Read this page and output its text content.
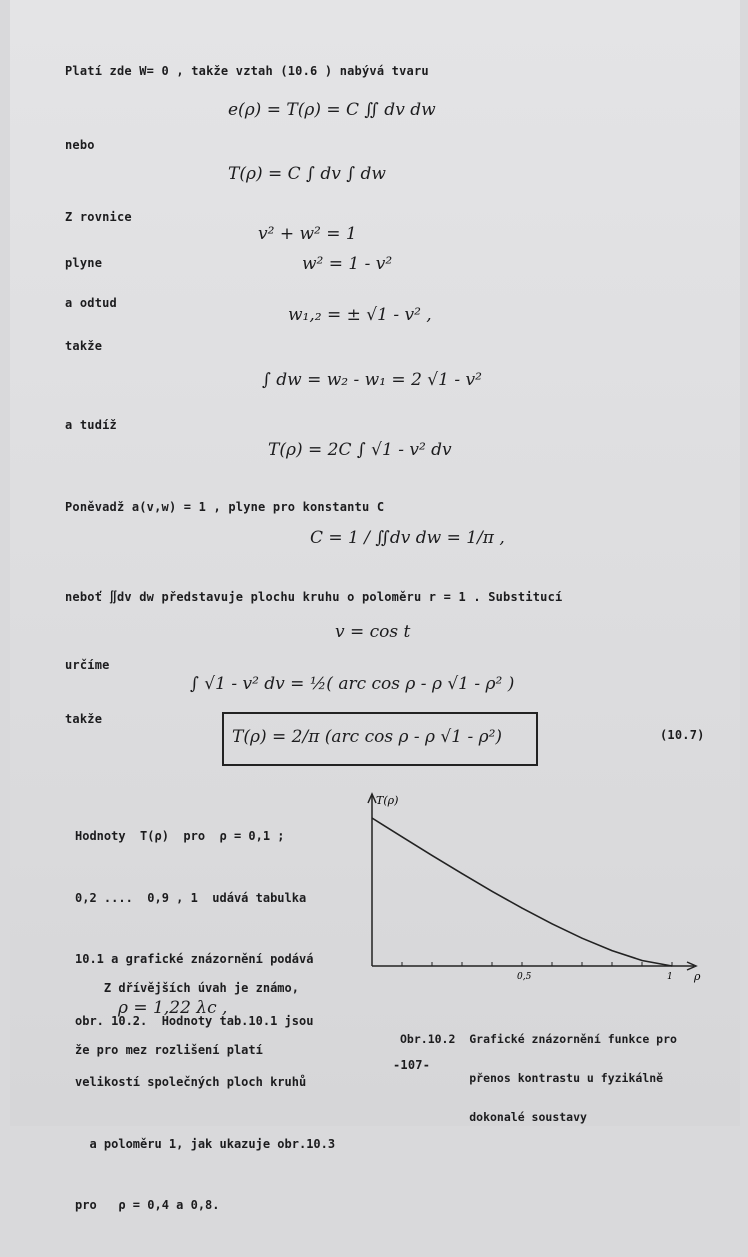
Platí zde W= 0 , takže vztah (10.6 ) nabývá tvaru
e(ρ) = T(ρ) = C ∬ dv dw
nebo
T(ρ) = C ∫ dv ∫ dw
Z rovnice
v² + w² = 1
plyne	w² = 1 - v²
a odtud
w₁,₂ = ± √1 - v² ,
takže
∫ dw = w₂ - w₁ = 2 √1 - v²
a tudíž
T(ρ) = 2C ∫ √1 - v² dv
Poněvadž a(v,w) = 1 , plyne pro konstantu C
C = 1 / ∬dv dw = 1/π ,
neboť ∬dv dw představuje plochu kruhu o poloměru r = 1 . Substitucí
v = cos t
určíme
∫ √1 - v² dv = ½( arc cos ρ - ρ √1 - ρ² )
takže
T(ρ) = 2/π (arc cos ρ - ρ √1 - ρ²)	(10.7)

Hodnoty  T(ρ)  pro  ρ = 0,1 ;

0,2 ....  0,9 , 1  udává tabulka

10.1 a grafické znázornění podává

obr. 10.2.  Hodnoty tab.10.1 jsou

velikostí společných ploch kruhů

a poloměru 1, jak ukazuje obr.10.3

pro   ρ = 0,4 a 0,8.

Z dřívějších úvah je známo,

že pro mez rozlišení platí

ρ = 1,22 λc ,
0,5	1
T(ρ)
ρ

Obr.10.2  Grafické znázornění funkce pro

přenos kontrastu u fyzikálně

dokonalé soustavy

-107-
